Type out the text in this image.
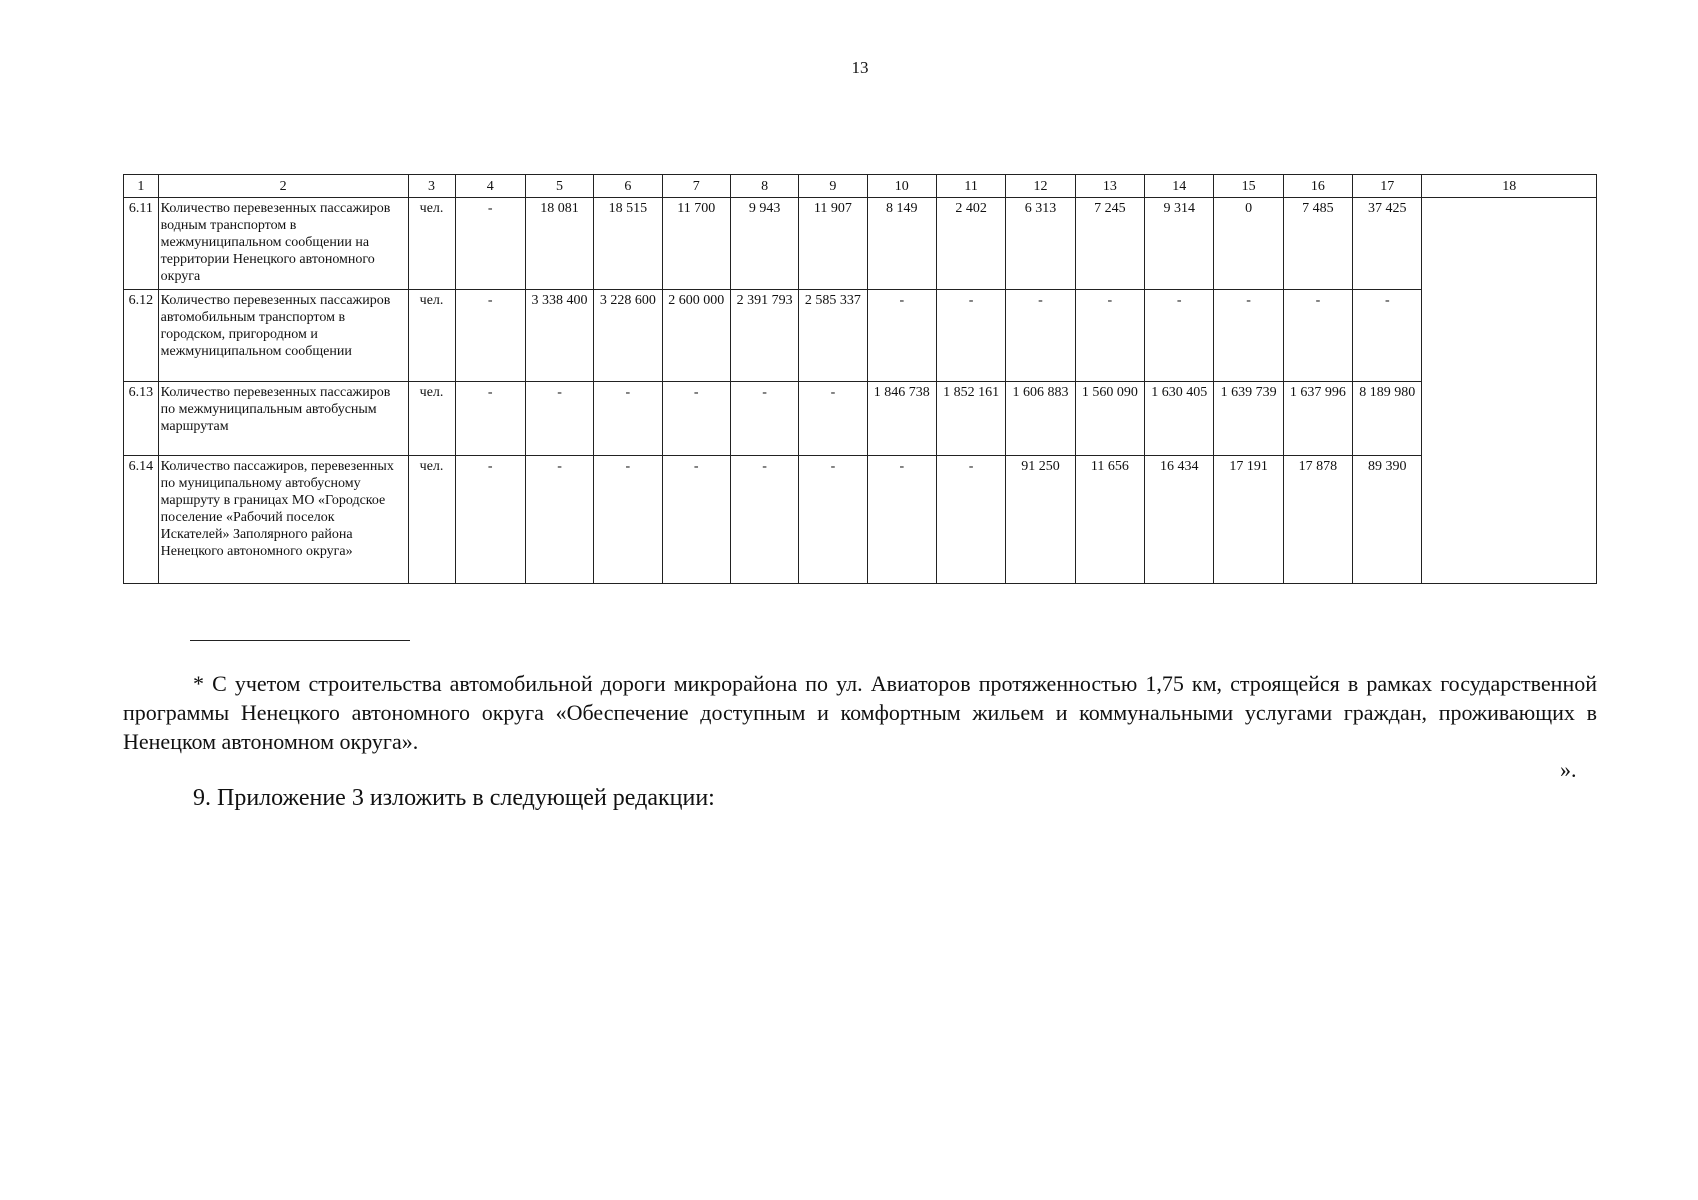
13
1	2	3	4	5	6	7	8	9	10	11	12	13	14	15	16	17	18
6.11	Количество перевезенных пассажиров водным транспортом в межмуниципальном сообщении на территории Ненецкого автономного округа	чел.	-	18 081	18 515	11 700	9 943	11 907	8 149	2 402	6 313	7 245	9 314	0	7 485	37 425	
6.12	Количество перевезенных пассажиров автомобильным транспортом в городском, пригородном и межмуниципальном сообщении	чел.	-	3 338 400	3 228 600	2 600 000	2 391 793	2 585 337	-	-	-	-	-	-	-	-	
6.13	Количество перевезенных пассажиров по межмуниципальным автобусным маршрутам	чел.	-	-	-	-	-	-	1 846 738	1 852 161	1 606 883	1 560 090	1 630 405	1 639 739	1 637 996	8 189 980	
6.14	Количество пассажиров, перевезенных по муниципальному автобусному маршруту в границах МО «Городское поселение «Рабочий поселок Искателей» Заполярного района Ненецкого автономного округа»	чел.	-	-	-	-	-	-	-	-	91 250	11 656	16 434	17 191	17 878	89 390	

* С учетом строительства автомобильной дороги микрорайона по ул. Авиаторов протяженностью 1,75 км, строящейся в рамках государственной программы Ненецкого автономного округа «Обеспечение доступным и комфортным жильем и коммунальными услугами граждан, проживающих в Ненецком автономном округа».

».
9. Приложение 3 изложить в следующей редакции:
